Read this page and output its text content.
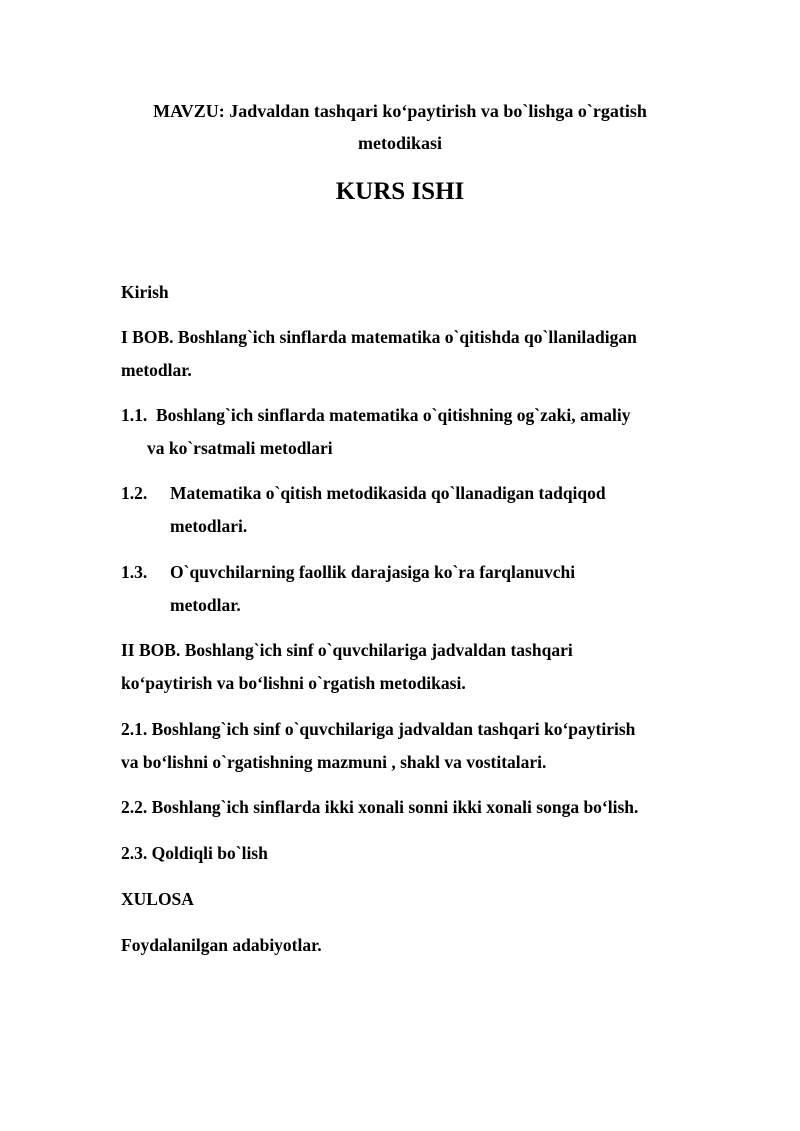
MAVZU: Jadvaldan tashqari ko‘paytirish va bo`lishga o`rgatish
metodikasi
KURS ISHI
Kirish
I BOB. Boshlang`ich sinflarda matematika o`qitishda qo`llaniladigan
metodlar.
1.1. Boshlang`ich sinflarda matematika o`qitishning og`zaki, amaliy
va ko`rsatmali metodlari
1.2. Matematika o`qitish metodikasida qo`llanadigan tadqiqod
metodlari.
1.3. O`quvchilarning faollik darajasiga ko`ra farqlanuvchi
metodlar.
II BOB. Boshlang`ich sinf o`quvchilariga jadvaldan tashqari
ko‘paytirish va bo‘lishni o`rgatish metodikasi.
2.1. Boshlang`ich sinf o`quvchilariga jadvaldan tashqari ko‘paytirish
va bo‘lishni o`rgatishning mazmuni , shakl va vostitalari.
2.2. Boshlang`ich sinflarda ikki xonali sonni ikki xonali songa bo‘lish.
2.3. Qoldiqli bo`lish
XULOSA
Foydalanilgan adabiyotlar.
